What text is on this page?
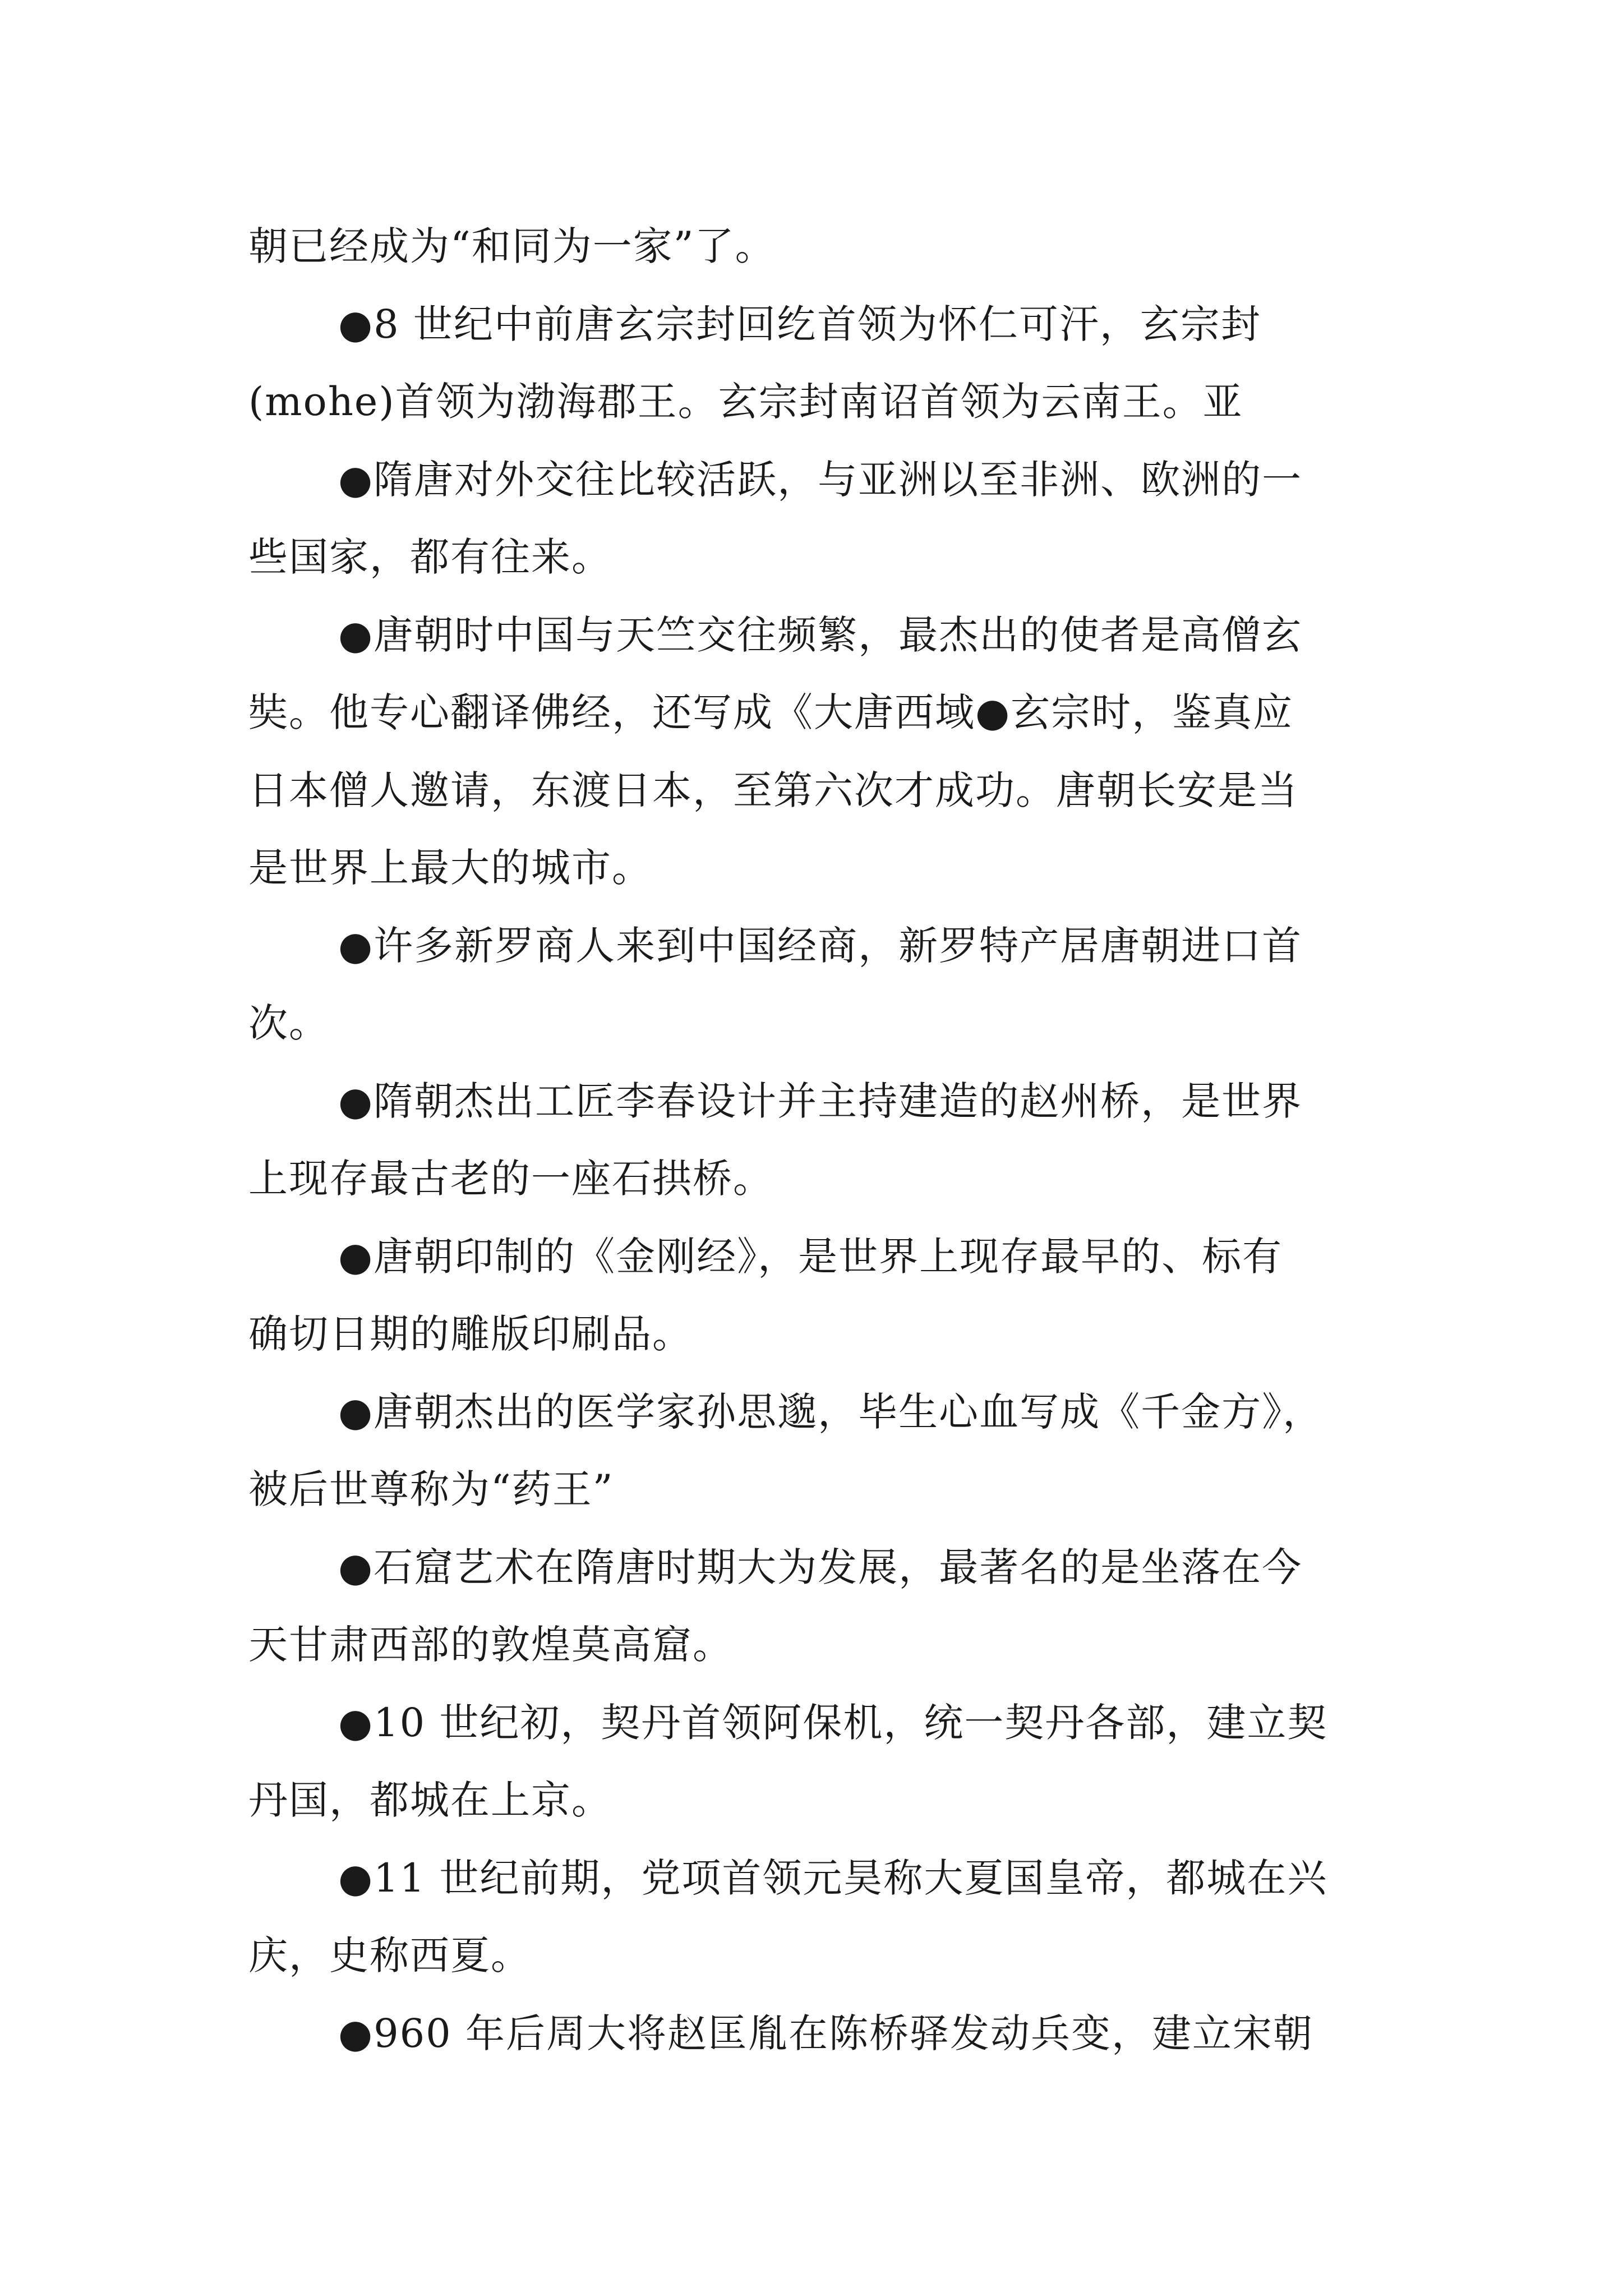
朝已经成为“和同为一家”了。

●8 世纪中前唐玄宗封回纥首领为怀仁可汗，玄宗封
(mohe)首领为渤海郡王。玄宗封南诏首领为云南王。亚

●隋唐对外交往比较活跃，与亚洲以至非洲、欧洲的一
些国家，都有往来。

●唐朝时中国与天竺交往频繁，最杰出的使者是高僧玄
奘。他专心翻译佛经，还写成《大唐西域●玄宗时，鉴真应
日本僧人邀请，东渡日本，至第六次才成功。唐朝长安是当
是世界上最大的城市。

●许多新罗商人来到中国经商，新罗特产居唐朝进口首
次。

●隋朝杰出工匠李春设计并主持建造的赵州桥，是世界
上现存最古老的一座石拱桥。

●唐朝印制的《金刚经》，是世界上现存最早的、标有
确切日期的雕版印刷品。

●唐朝杰出的医学家孙思邈，毕生心血写成《千金方》，
被后世尊称为“药王”

●石窟艺术在隋唐时期大为发展，最著名的是坐落在今
天甘肃西部的敦煌莫高窟。

●10 世纪初，契丹首领阿保机，统一契丹各部，建立契
丹国，都城在上京。

●11 世纪前期，党项首领元昊称大夏国皇帝，都城在兴
庆，史称西夏。

●960 年后周大将赵匡胤在陈桥驿发动兵变，建立宋朝
